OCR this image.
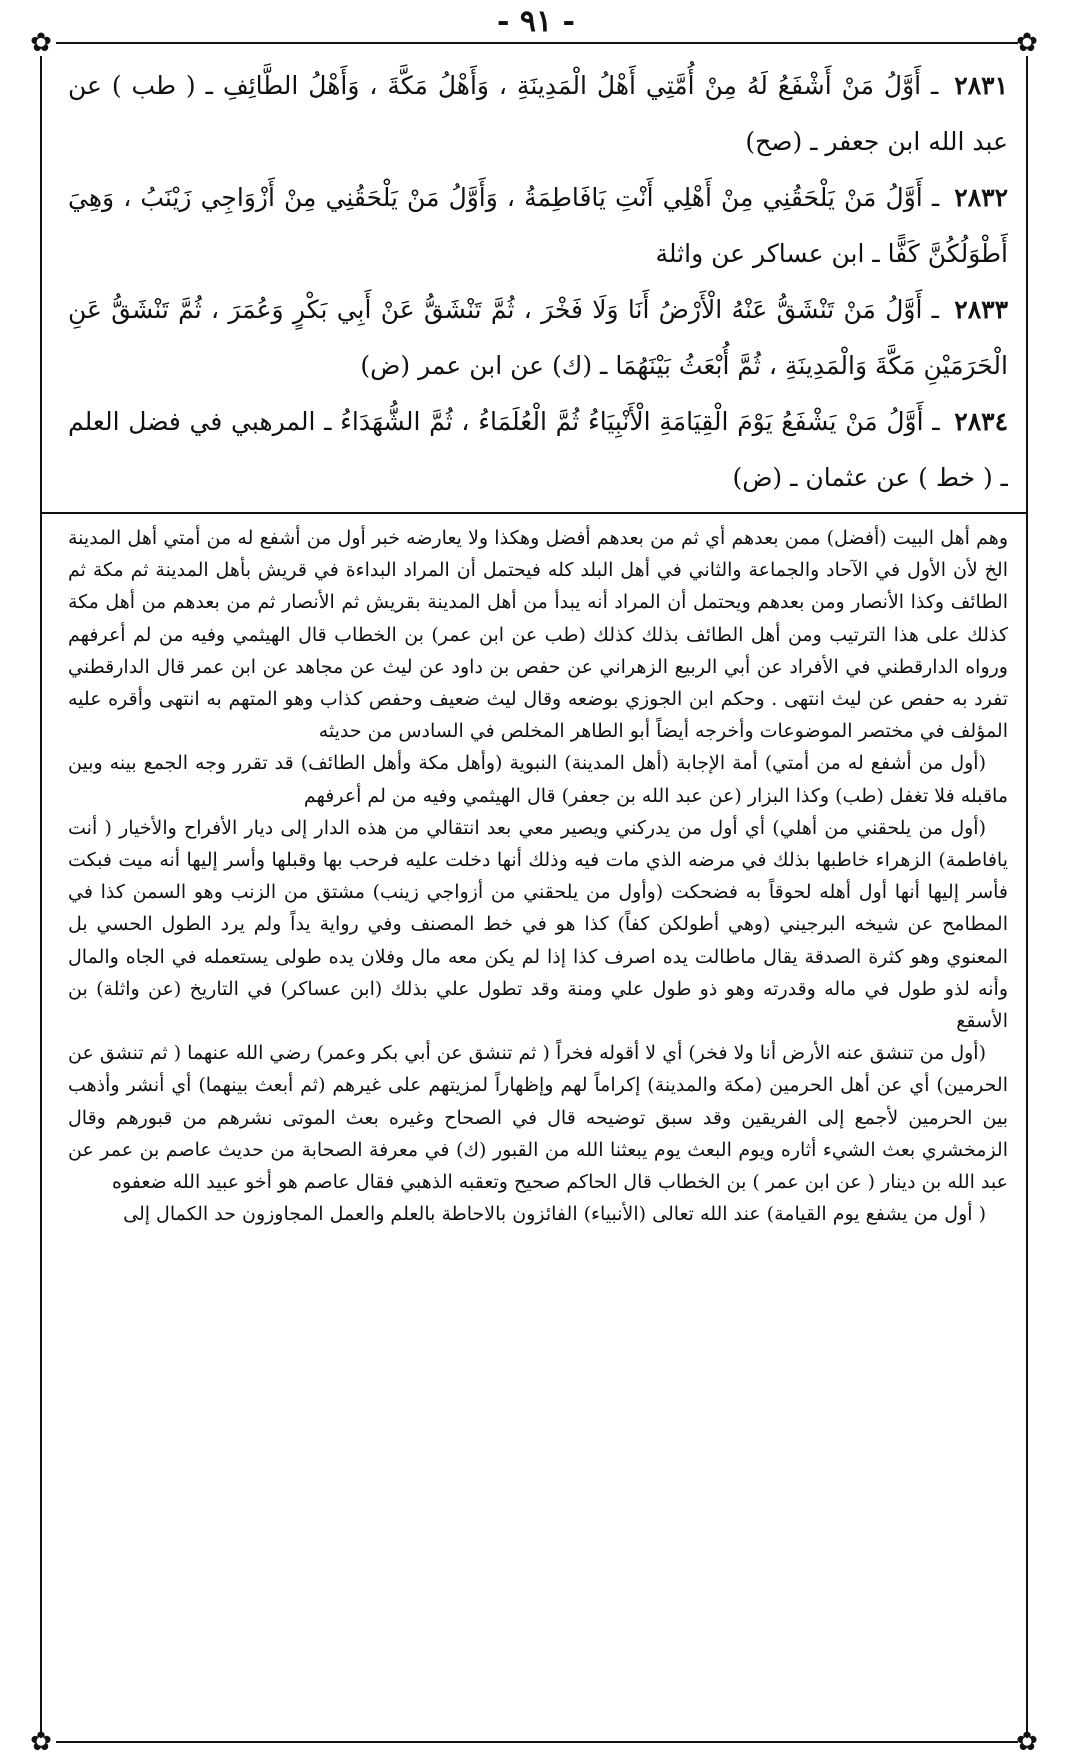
- ٩١ -
✿	✿
✿	✿

٢٨٣١ ـ أَوَّلُ مَنْ أَشْفَعُ لَهُ مِنْ أُمَّتِي أَهْلُ الْمَدِينَةِ ، وَأَهْلُ مَكَّةَ ، وَأَهْلُ الطَّائِفِ ـ ( طب ) عن عبد الله ابن جعفر ـ (صح)

٢٨٣٢ ـ أَوَّلُ مَنْ يَلْحَقُنِي مِنْ أَهْلِي أَنْتِ يَافَاطِمَةُ ، وَأَوَّلُ مَنْ يَلْحَقُنِي مِنْ أَزْوَاجِي زَيْنَبُ ، وَهِيَ أَطْوَلُكُنَّ كَفًّا ـ ابن عساكر عن واثلة

٢٨٣٣ ـ أَوَّلُ مَنْ تَنْشَقُّ عَنْهُ الْأَرْضُ أَنَا وَلَا فَخْرَ ، ثُمَّ تَنْشَقُّ عَنْ أَبِي بَكْرٍ وَعُمَرَ ، ثُمَّ تَنْشَقُّ عَنِ الْحَرَمَيْنِ مَكَّةَ وَالْمَدِينَةِ ، ثُمَّ أُبْعَثُ بَيْنَهُمَا ـ (ك) عن ابن عمر (ض)

٢٨٣٤ ـ أَوَّلُ مَنْ يَشْفَعُ يَوْمَ الْقِيَامَةِ الْأَنْبِيَاءُ ثُمَّ الْعُلَمَاءُ ، ثُمَّ الشُّهَدَاءُ ـ المرهبي في فضل العلم ـ ( خط ) عن عثمان ـ (ض)

وهم أهل البيت (أفضل) ممن بعدهم أي ثم من بعدهم أفضل وهكذا ولا يعارضه خبر أول من أشفع له من أمتي أهل المدينة الخ لأن الأول في الآحاد والجماعة والثاني في أهل البلد كله فيحتمل أن المراد البداءة في قريش بأهل المدينة ثم مكة ثم الطائف وكذا الأنصار ومن بعدهم ويحتمل أن المراد أنه يبدأ من أهل المدينة بقريش ثم الأنصار ثم من بعدهم من أهل مكة كذلك على هذا الترتيب ومن أهل الطائف بذلك كذلك (طب عن ابن عمر) بن الخطاب قال الهيثمي وفيه من لم أعرفهم ورواه الدارقطني في الأفراد عن أبي الربيع الزهراني عن حفص بن داود عن ليث عن مجاهد عن ابن عمر قال الدارقطني تفرد به حفص عن ليث انتهى . وحكم ابن الجوزي بوضعه وقال ليث ضعيف وحفص كذاب وهو المتهم به انتهى وأقره عليه المؤلف في مختصر الموضوعات وأخرجه أيضاً أبو الطاهر المخلص في السادس من حديثه

(أول من أشفع له من أمتي) أمة الإجابة (أهل المدينة) النبوية (وأهل مكة وأهل الطائف) قد تقرر وجه الجمع بينه وبين ماقبله فلا تغفل (طب) وكذا البزار (عن عبد الله بن جعفر) قال الهيثمي وفيه من لم أعرفهم

(أول من يلحقني من أهلي) أي أول من يدركني ويصير معي بعد انتقالي من هذه الدار إلى ديار الأفراح والأخيار ( أنت يافاطمة) الزهراء خاطبها بذلك في مرضه الذي مات فيه وذلك أنها دخلت عليه فرحب بها وقبلها وأسر إليها أنه ميت فبكت فأسر إليها أنها أول أهله لحوقاً به فضحكت (وأول من يلحقني من أزواجي زينب) مشتق من الزنب وهو السمن كذا في المطامح عن شيخه البرجيني (وهي أطولكن كفاً) كذا هو في خط المصنف وفي رواية يداً ولم يرد الطول الحسي بل المعنوي وهو كثرة الصدقة يقال ماطالت يده اصرف كذا إذا لم يكن معه مال وفلان يده طولى يستعمله في الجاه والمال وأنه لذو طول في ماله وقدرته وهو ذو طول علي ومنة وقد تطول علي بذلك (ابن عساكر) في التاريخ (عن واثلة) بن الأسقع

(أول من تنشق عنه الأرض أنا ولا فخر) أي لا أقوله فخراً ( ثم تنشق عن أبي بكر وعمر) رضي الله عنهما ( ثم تنشق عن الحرمين) أي عن أهل الحرمين (مكة والمدينة) إكراماً لهم وإظهاراً لمزيتهم على غيرهم (ثم أبعث بينهما) أي أنشر وأذهب بين الحرمين لأجمع إلى الفريقين وقد سبق توضيحه قال في الصحاح وغيره بعث الموتى نشرهم من قبورهم وقال الزمخشري بعث الشيء أثاره ويوم البعث يوم يبعثنا الله من القبور (ك) في معرفة الصحابة من حديث عاصم بن عمر عن عبد الله بن دينار ( عن ابن عمر ) بن الخطاب قال الحاكم صحيح وتعقبه الذهبي فقال عاصم هو أخو عبيد الله ضعفوه

( أول من يشفع يوم القيامة) عند الله تعالى (الأنبياء) الفائزون بالاحاطة بالعلم والعمل المجاوزون حد الكمال إلى
